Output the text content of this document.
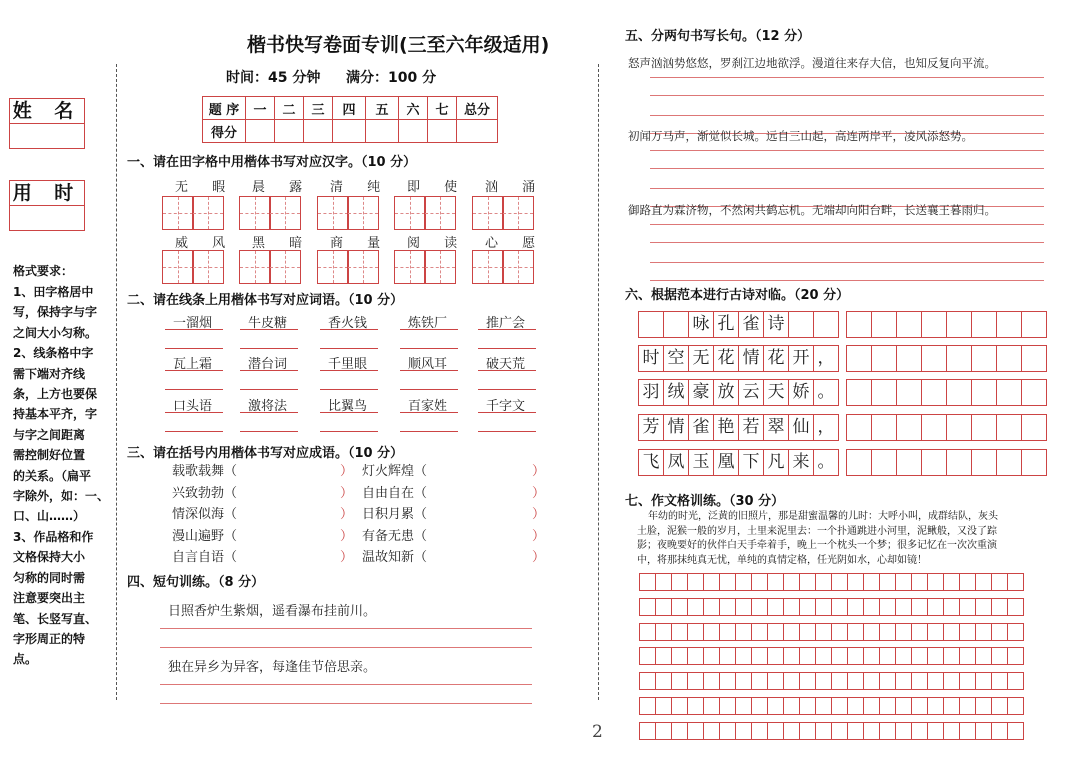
姓 名
用 时
格式要求：
1、田字格居中
写，保持字与字
之间大小匀称。
2、线条格中字
需下端对齐线
条，上方也要保
持基本平齐，字
与字之间距离
需控制好位置
的关系。（扁平
字除外，如：一、
口、山……）
3、作品格和作
文格保持大小
匀称的同时需
注意要突出主
笔、长竖写直、
字形周正的特
点。
楷书快写卷面专训(三至六年级适用)
时间：45 分钟 满分：100 分
题 序	一	二	三	四	五	六	七	总分
得分								
一、请在田字格中用楷体书写对应汉字。（10 分）
无 暇 晨 露 清 纯 即 使 汹 涌
威 风 黑 暗 商 量 阅 读 心 愿
二、请在线条上用楷体书写对应词语。（10 分）
一溜烟	牛皮糖	香火钱	炼铁厂	推广会
瓦上霜	潜台词	千里眼	顺风耳	破天荒
口头语	激将法	比翼鸟	百家姓	千字文
三、请在括号内用楷体书写对应成语。（10 分）
载歌载舞（	） 灯火辉煌（	）
兴致勃勃（	） 自由自在（	）
情深似海（	） 日积月累（	）
漫山遍野（	） 有备无患（	）
自言自语（	） 温故知新（	）
四、短句训练。（8 分）
日照香炉生紫烟，遥看瀑布挂前川。
独在异乡为异客，每逢佳节倍思亲。
2
五、分两句书写长句。（12 分）
怒声汹汹势悠悠，罗刹江边地欲浮。漫道往来存大信，也知反复向平流。
初闻万马声，渐觉似长城。远自三山起，高连两岸平，凌风添怒势。
御路直为霖济物，不然闲共鹤忘机。无端却向阳台畔，长送襄王暮雨归。
六、根据范本进行古诗对临。（20 分）
咏 孔 雀 诗
时 空 无 花 情 花 开 ，
羽 绒 豪 放 云 天 娇 。
芳 情 雀 艳 若 翠 仙 ，
飞 凤 玉 凰 下 凡 来 。
七、作文格训练。（30 分）
年幼的时光，泛黄的旧照片，那是甜蜜温馨的儿时：大呼小叫，成群结队，灰头
土脸，泥猴一般的岁月，土里来泥里去：一个扑通跳进小河里，泥鳅般，又没了踪
影；夜晚要好的伙伴白天手牵着手，晚上一个枕头一个梦；很多记忆在一次次重演
中，将那抹纯真无忧，单纯的真情定格，任光阴如水，心却如镜！
